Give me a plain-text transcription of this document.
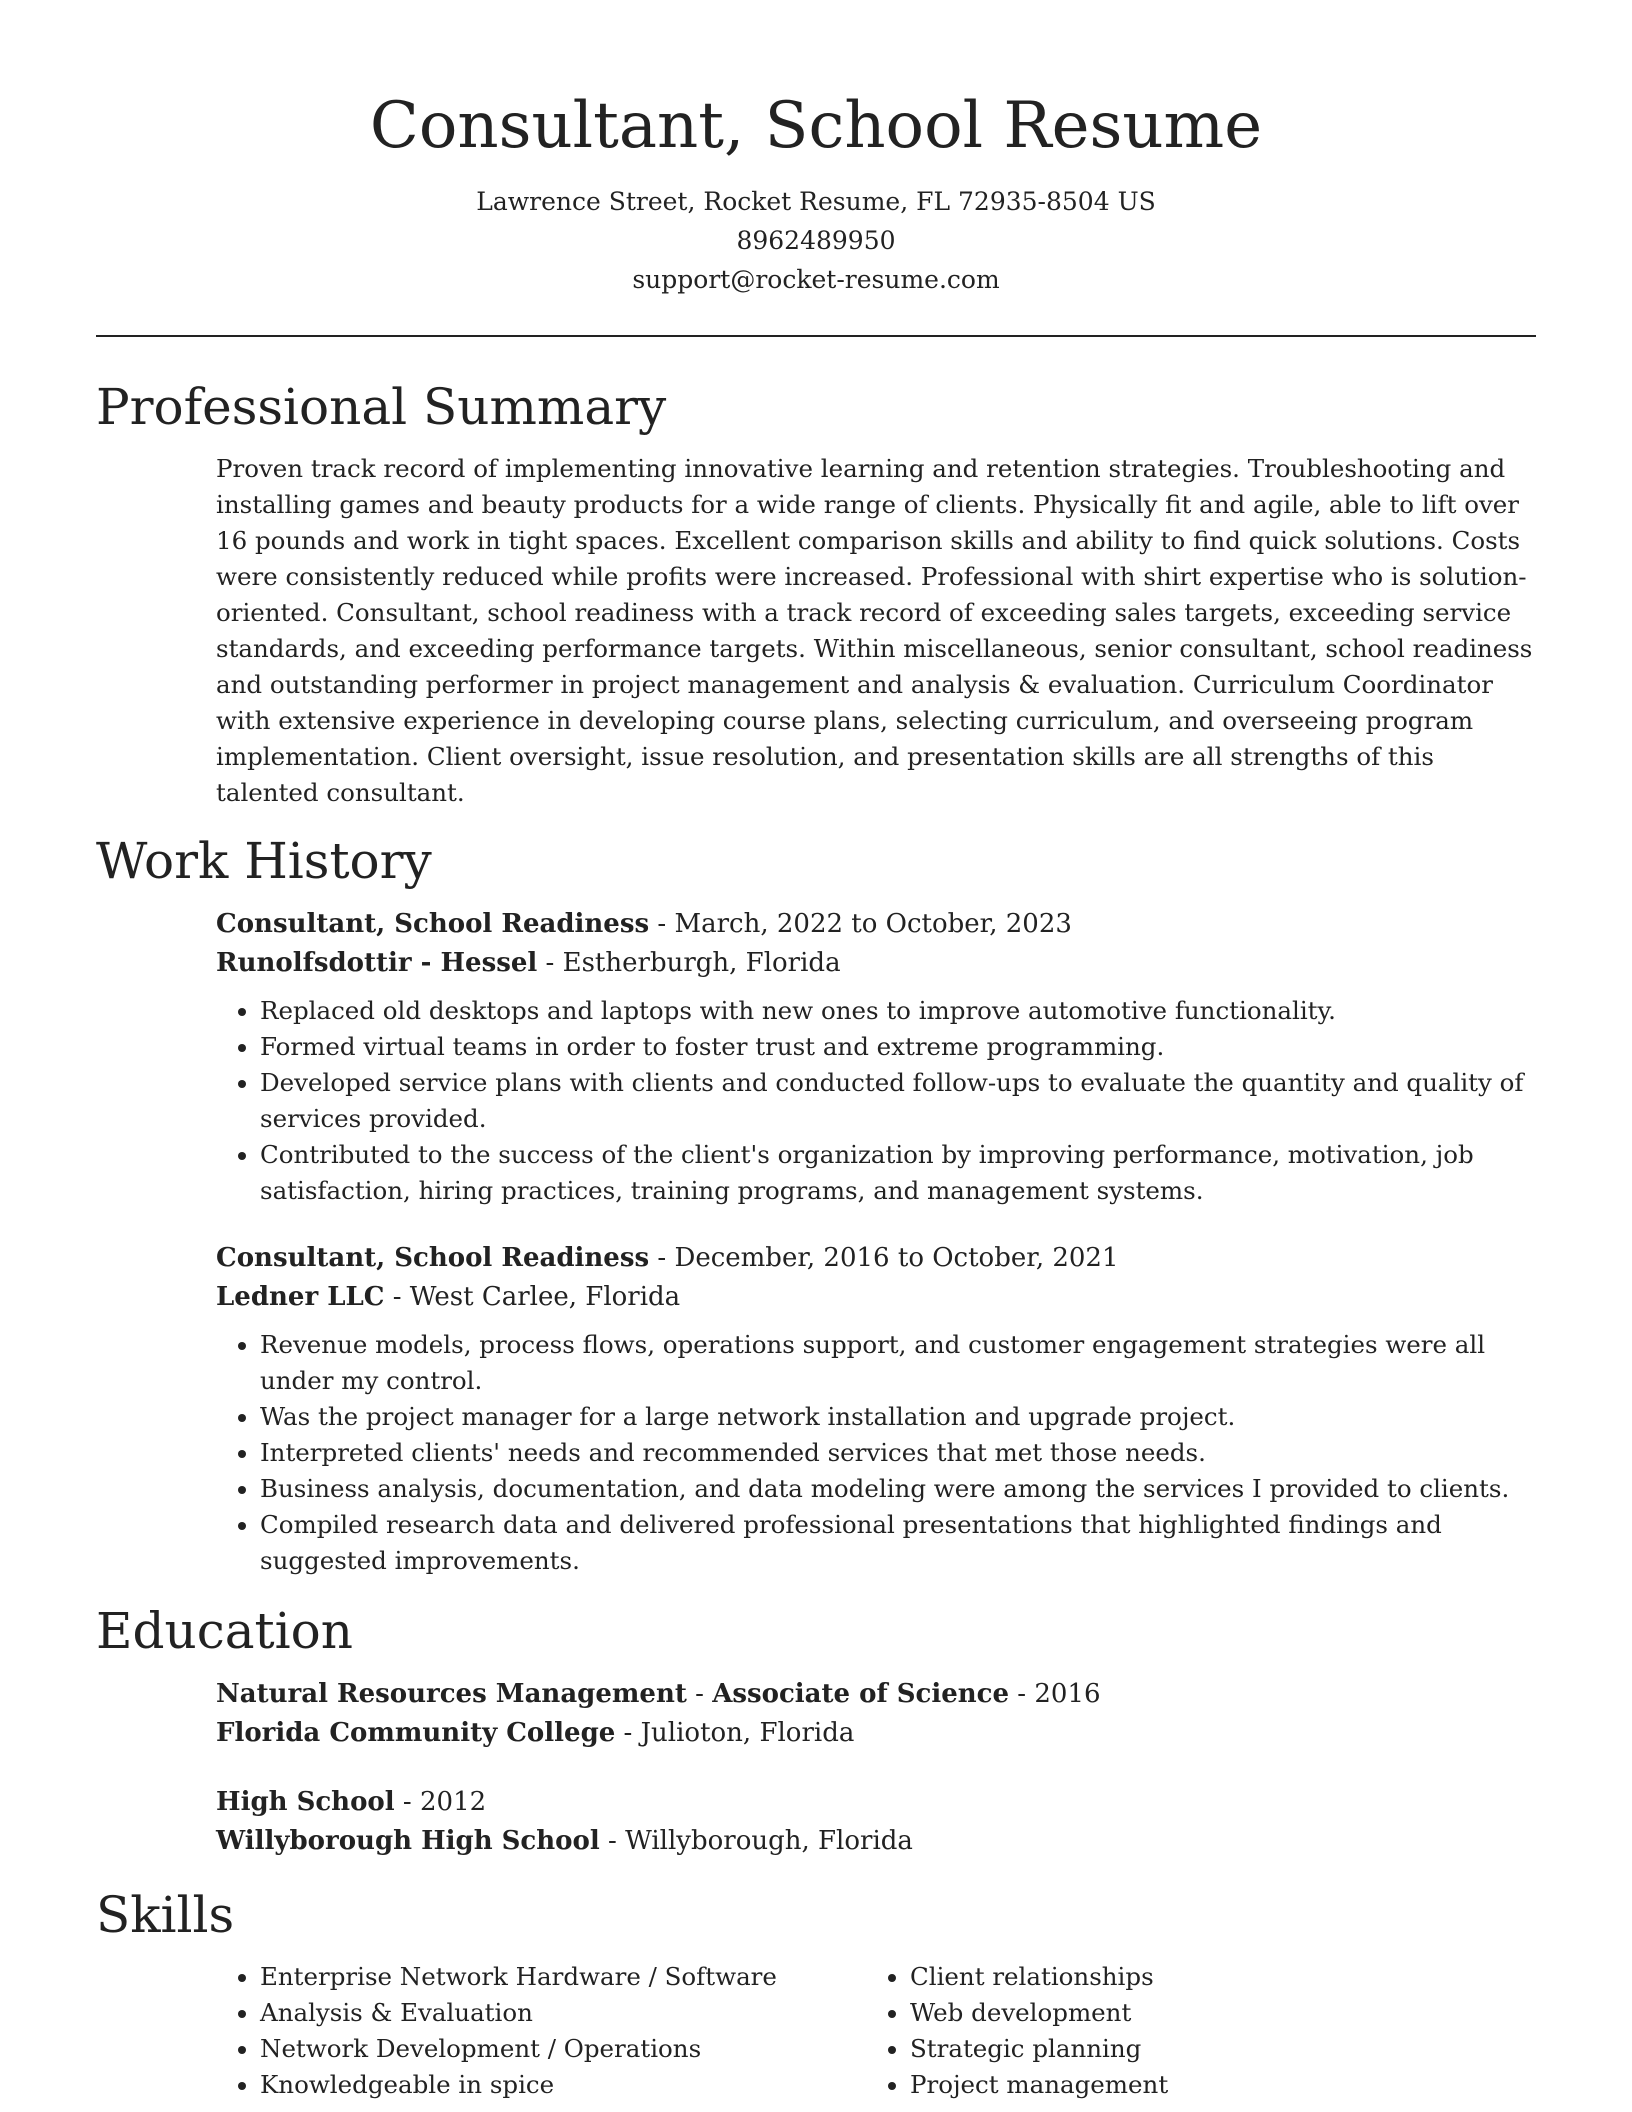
Consultant, School Resume
Lawrence Street, Rocket Resume, FL 72935-8504 US
8962489950
support@rocket-resume.com
Professional Summary

Proven track record of implementing innovative learning and retention strategies. Troubleshooting and installing games and beauty products for a wide range of clients. Physically fit and agile, able to lift over 16 pounds and work in tight spaces. Excellent comparison skills and ability to find quick solutions. Costs were consistently reduced while profits were increased. Professional with shirt expertise who is solution-oriented. Consultant, school readiness with a track record of exceeding sales targets, exceeding service standards, and exceeding performance targets. Within miscellaneous, senior consultant, school readiness and outstanding performer in project management and analysis & evaluation. Curriculum Coordinator with extensive experience in developing course plans, selecting curriculum, and overseeing program implementation. Client oversight, issue resolution, and presentation skills are all strengths of this talented consultant.

Work History
Consultant, School Readiness - March, 2022 to October, 2023
Runolfsdottir - Hessel - Estherburgh, Florida
• Replaced old desktops and laptops with new ones to improve automotive functionality.
• Formed virtual teams in order to foster trust and extreme programming.
• Developed service plans with clients and conducted follow-ups to evaluate the quantity and quality of services provided.
• Contributed to the success of the client's organization by improving performance, motivation, job satisfaction, hiring practices, training programs, and management systems.
Consultant, School Readiness - December, 2016 to October, 2021
Ledner LLC - West Carlee, Florida
• Revenue models, process flows, operations support, and customer engagement strategies were all under my control.
• Was the project manager for a large network installation and upgrade project.
• Interpreted clients' needs and recommended services that met those needs.
• Business analysis, documentation, and data modeling were among the services I provided to clients.
• Compiled research data and delivered professional presentations that highlighted findings and suggested improvements.
Education
Natural Resources Management - Associate of Science - 2016
Florida Community College - Julioton, Florida
High School - 2012
Willyborough High School - Willyborough, Florida
Skills
• Enterprise Network Hardware / Software
• Analysis & Evaluation
• Network Development / Operations
• Knowledgeable in spice
• Client relationships
• Web development
• Strategic planning
• Project management
